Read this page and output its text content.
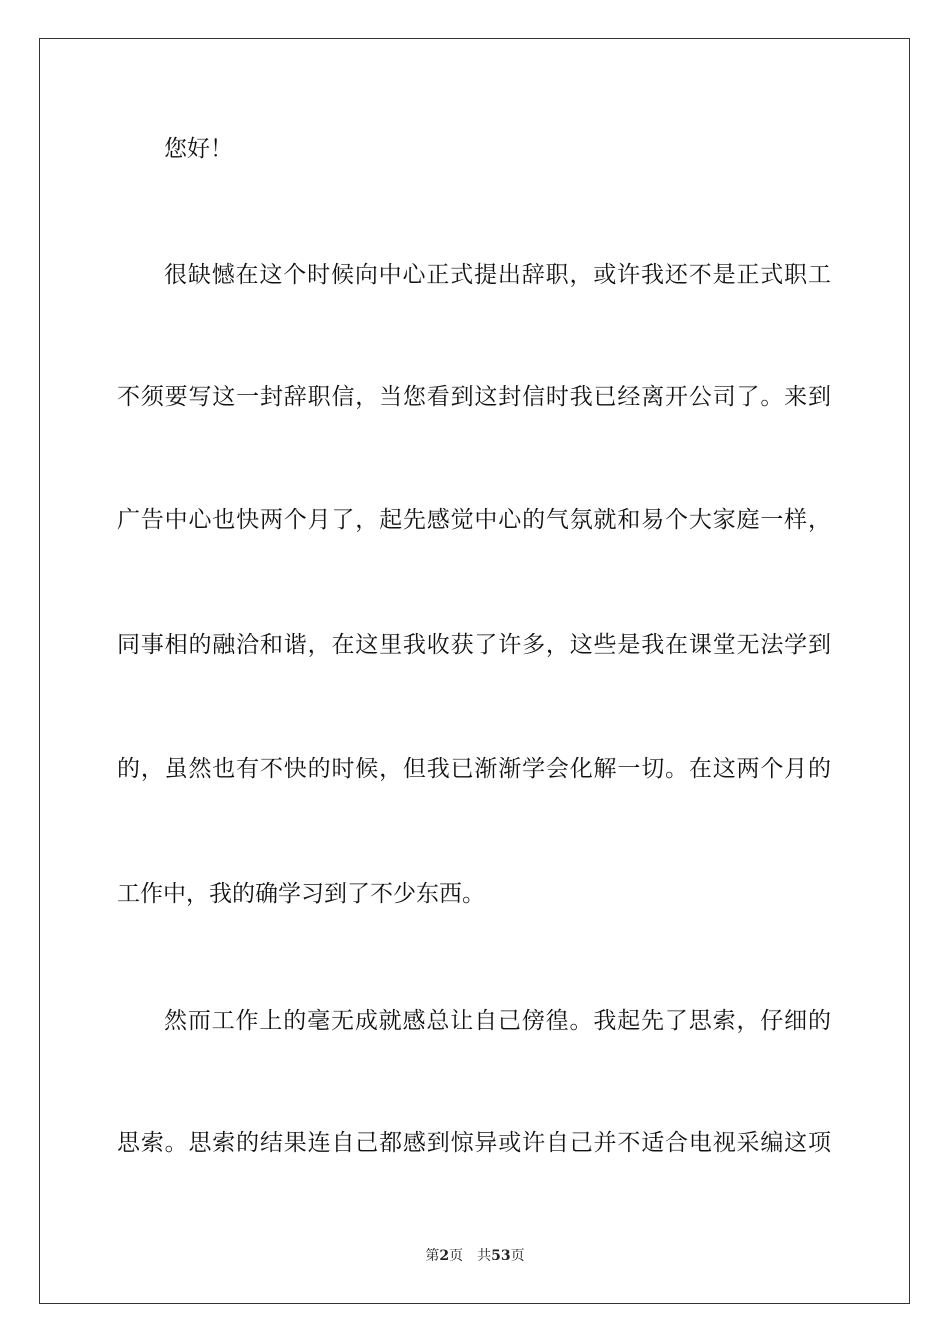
您好！
很缺憾在这个时候向中心正式提出辞职，或许我还不是正式职工
不须要写这一封辞职信，当您看到这封信时我已经离开公司了。来到
广告中心也快两个月了，起先感觉中心的气氛就和易个大家庭一样，
同事相的融洽和谐，在这里我收获了许多，这些是我在课堂无法学到
的，虽然也有不快的时候，但我已渐渐学会化解一切。在这两个月的
工作中，我的确学习到了不少东西。
然而工作上的毫无成就感总让自己傍徨。我起先了思索，仔细的
思索。思索的结果连自己都感到惊异或许自己并不适合电视采编这项
第2页 共53页
